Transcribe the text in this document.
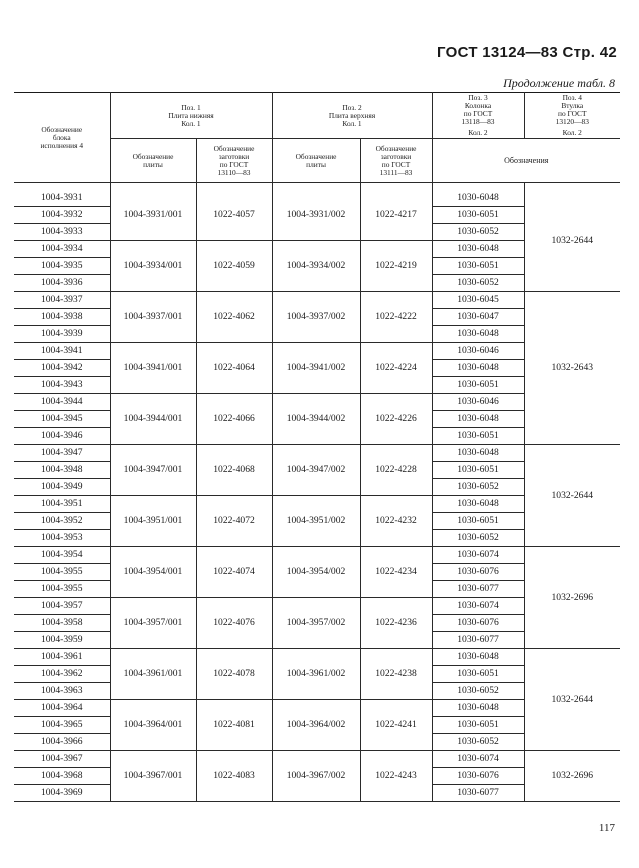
ГОСТ 13124—83 Стр. 42
Продолжение табл. 8
Обозначение
блока
исполнения 4	Поз. 1
Плита нижняя
Кол. 1		Поз. 2
Плита верхняя
Кол. 1		Поз. 3
Колонка
по ГОСТ
13118—83
Кол. 2	Поз. 4
Втулка
по ГОСТ
13120—83
Кол. 2

	Обозначение
плиты	Обозначение
заготовки
по ГОСТ
13110—83	Обозначение
плиты	Обозначение
заготовки
по ГОСТ
13111—83	Обозначения	

1004-3931	1004-3931/001	1022-4057	1004-3931/002	1022-4217	1030-6048	1032-2644
1004-3932					1030-6051	
1004-3933					1030-6052	
1004-3934	1004-3934/001	1022-4059	1004-3934/002	1022-4219	1030-6048	
1004-3935					1030-6051	
1004-3936					1030-6052	
1004-3937	1004-3937/001	1022-4062	1004-3937/002	1022-4222	1030-6045	1032-2643
1004-3938					1030-6047	
1004-3939					1030-6048	
1004-3941	1004-3941/001	1022-4064	1004-3941/002	1022-4224	1030-6046	
1004-3942					1030-6048	
1004-3943					1030-6051	
1004-3944	1004-3944/001	1022-4066	1004-3944/002	1022-4226	1030-6046	
1004-3945					1030-6048	
1004-3946					1030-6051	
1004-3947	1004-3947/001	1022-4068	1004-3947/002	1022-4228	1030-6048	1032-2644
1004-3948					1030-6051	
1004-3949					1030-6052	
1004-3951	1004-3951/001	1022-4072	1004-3951/002	1022-4232	1030-6048	
1004-3952					1030-6051	
1004-3953					1030-6052	
1004-3954	1004-3954/001	1022-4074	1004-3954/002	1022-4234	1030-6074	1032-2696
1004-3955					1030-6076	
1004-3955					1030-6077	
1004-3957	1004-3957/001	1022-4076	1004-3957/002	1022-4236	1030-6074	
1004-3958					1030-6076	
1004-3959					1030-6077	
1004-3961	1004-3961/001	1022-4078	1004-3961/002	1022-4238	1030-6048	1032-2644
1004-3962					1030-6051	
1004-3963					1030-6052	
1004-3964	1004-3964/001	1022-4081	1004-3964/002	1022-4241	1030-6048	
1004-3965					1030-6051	
1004-3966					1030-6052	
1004-3967	1004-3967/001	1022-4083	1004-3967/002	1022-4243	1030-6074	1032-2696
1004-3968					1030-6076	
1004-3969					1030-6077	
117
